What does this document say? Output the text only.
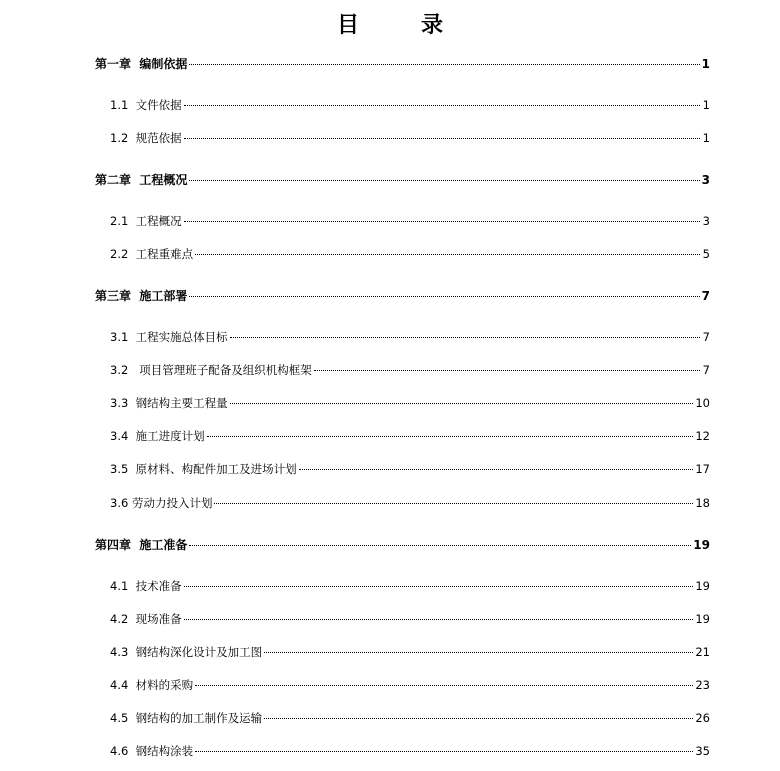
目　录
第一章  编制依据	1
1.1  文件依据	1
1.2  规范依据	1
第二章  工程概况	3
2.1  工程概况	3
2.2  工程重难点	5
第三章  施工部署	7
3.1  工程实施总体目标	7
3.2   项目管理班子配备及组织机构框架	7
3.3  钢结构主要工程量	10
3.4  施工进度计划	12
3.5  原材料、构配件加工及进场计划	17
3.6 劳动力投入计划	18
第四章  施工准备	19
4.1  技术准备	19
4.2  现场准备	19
4.3  钢结构深化设计及加工图	21
4.4  材料的采购	23
4.5  钢结构的加工制作及运输	26
4.6  钢结构涂装	35
